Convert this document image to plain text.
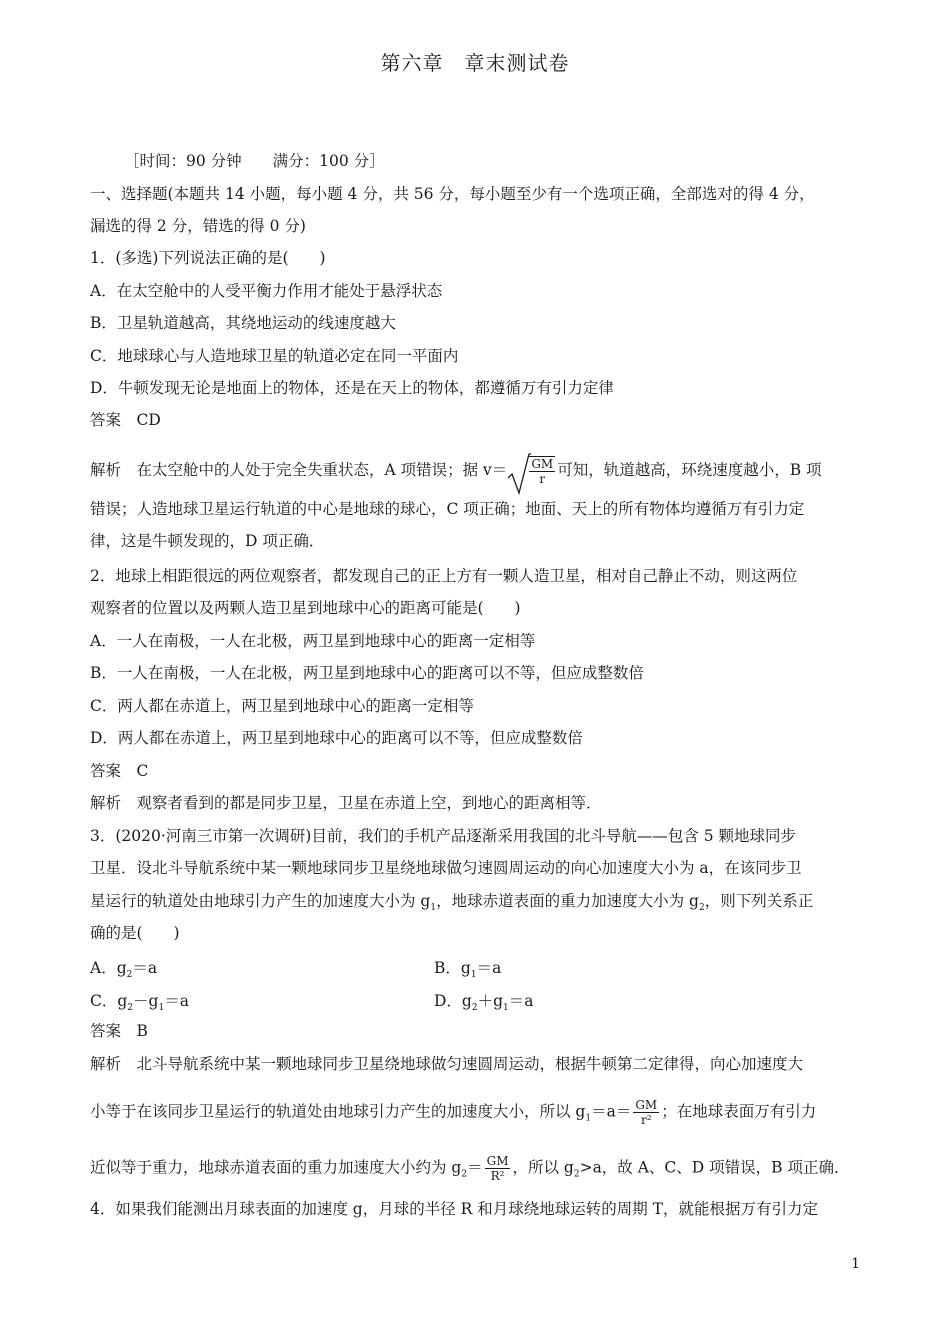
第六章　章末测试卷
［时间：90 分钟　　满分：100 分］
一、选择题(本题共 14 小题，每小题 4 分，共 56 分，每小题至少有一个选项正确，全部选对的得 4 分，
漏选的得 2 分，错选的得 0 分)
1．(多选)下列说法正确的是(　　)
A．在太空舱中的人受平衡力作用才能处于悬浮状态
B．卫星轨道越高，其绕地运动的线速度越大
C．地球球心与人造地球卫星的轨道必定在同一平面内
D．牛顿发现无论是地面上的物体，还是在天上的物体，都遵循万有引力定律
答案　CD
解析　在太空舱中的人处于完全失重状态，A 项错误；据 $v= \frac{GM}{r}$ 可知，轨道越高，环绕速度越小，B 项
错误；人造地球卫星运行轨道的中心是地球的球心，C 项正确；地面、天上的所有物体均遵循万有引力定
律，这是牛顿发现的，D 项正确．
2．地球上相距很远的两位观察者，都发现自己的正上方有一颗人造卫星，相对自己静止不动，则这两位
观察者的位置以及两颗人造卫星到地球中心的距离可能是(　　)
A．一人在南极，一人在北极，两卫星到地球中心的距离一定相等
B．一人在南极，一人在北极，两卫星到地球中心的距离可以不等，但应成整数倍
C．两人都在赤道上，两卫星到地球中心的距离一定相等
D．两人都在赤道上，两卫星到地球中心的距离可以不等，但应成整数倍
答案　C
解析　观察者看到的都是同步卫星，卫星在赤道上空，到地心的距离相等．
3．(2020·河南三市第一次调研)目前，我们的手机产品逐渐采用我国的北斗导航——包含 5 颗地球同步
卫星．设北斗导航系统中某一颗地球同步卫星绕地球做匀速圆周运动的向心加速度大小为 a，在该同步卫
星运行的轨道处由地球引力产生的加速度大小为 $g_1$，地球赤道表面的重力加速度大小为 $g_2$，则下列关系正
确的是(　　)
A．$g_2=a$	B．$g_1=a$
C．$g_2-g_1=a$	D．$g_2+g_1=a$
答案　B
解析　北斗导航系统中某一颗地球同步卫星绕地球做匀速圆周运动，根据牛顿第二定律得，向心加速度大
小等于在该同步卫星运行的轨道处由地球引力产生的加速度大小，所以 $g_1=a= \frac{GM}{\text{r²}}$ ；在地球表面万有引力
近似等于重力，地球赤道表面的重力加速度大小约为 $g_2= \frac{GM}{\text{R²}}$ ，所以 $g_2>a$，故 A、C、D 项错误，B 项正确．
4．如果我们能测出月球表面的加速度 g，月球的半径 R 和月球绕地球运转的周期 T，就能根据万有引力定
1
